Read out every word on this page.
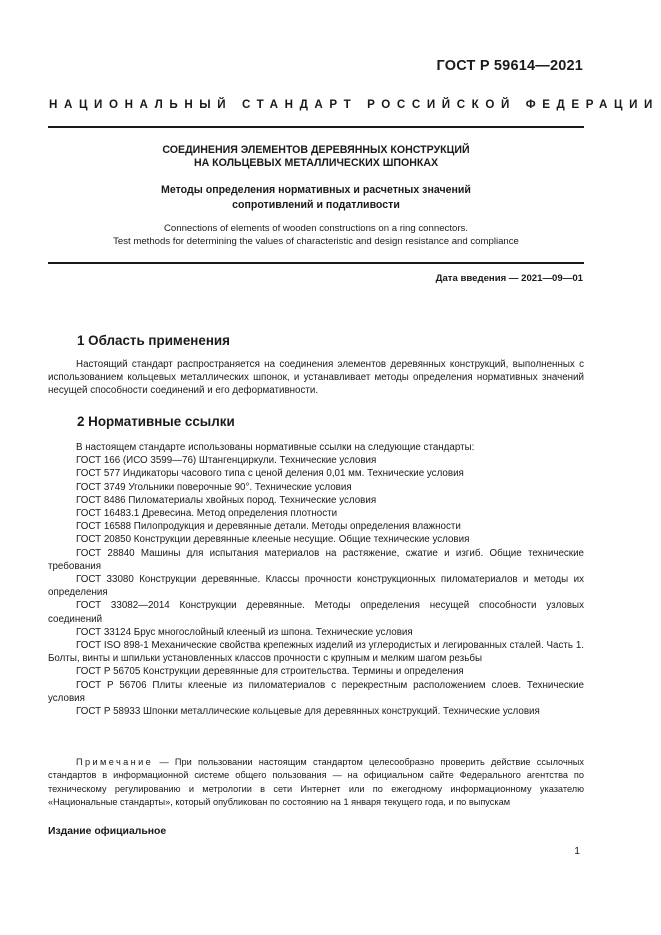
ГОСТ Р 59614—2021
НАЦИОНАЛЬНЫЙ СТАНДАРТ РОССИЙСКОЙ ФЕДЕРАЦИИ
СОЕДИНЕНИЯ ЭЛЕМЕНТОВ ДЕРЕВЯННЫХ КОНСТРУКЦИЙ
НА КОЛЬЦЕВЫХ МЕТАЛЛИЧЕСКИХ ШПОНКАХ
Методы определения нормативных и расчетных значений
сопротивлений и податливости
Connections of elements of wooden constructions on a ring connectors.
Test methods for determining the values of characteristic and design resistance and compliance
Дата введения — 2021—09—01
1 Область применения
Настоящий стандарт распространяется на соединения элементов деревянных конструкций, выполненных с использованием кольцевых металлических шпонок, и устанавливает методы определения нормативных значений несущей способности соединений и его деформативности.
2 Нормативные ссылки
В настоящем стандарте использованы нормативные ссылки на следующие стандарты:
ГОСТ 166 (ИСО 3599—76) Штангенциркули. Технические условия
ГОСТ 577 Индикаторы часового типа с ценой деления 0,01 мм. Технические условия
ГОСТ 3749 Угольники поверочные 90°. Технические условия
ГОСТ 8486 Пиломатериалы хвойных пород. Технические условия
ГОСТ 16483.1 Древесина. Метод определения плотности
ГОСТ 16588 Пилопродукция и деревянные детали. Методы определения влажности
ГОСТ 20850 Конструкции деревянные клееные несущие. Общие технические условия
ГОСТ 28840 Машины для испытания материалов на растяжение, сжатие и изгиб. Общие технические требования
ГОСТ 33080 Конструкции деревянные. Классы прочности конструкционных пиломатериалов и методы их определения
ГОСТ 33082—2014 Конструкции деревянные. Методы определения несущей способности узловых соединений
ГОСТ 33124 Брус многослойный клееный из шпона. Технические условия
ГОСТ ISO 898-1 Механические свойства крепежных изделий из углеродистых и легированных сталей. Часть 1. Болты, винты и шпильки установленных классов прочности с крупным и мелким шагом резьбы
ГОСТ Р 56705 Конструкции деревянные для строительства. Термины и определения
ГОСТ Р 56706 Плиты клееные из пиломатериалов с перекрестным расположением слоев. Технические условия
ГОСТ Р 58933 Шпонки металлические кольцевые для деревянных конструкций. Технические условия
Примечание — При пользовании настоящим стандартом целесообразно проверить действие ссылочных стандартов в информационной системе общего пользования — на официальном сайте Федерального агентства по техническому регулированию и метрологии в сети Интернет или по ежегодному информационному указателю «Национальные стандарты», который опубликован по состоянию на 1 января текущего года, и по выпускам
Издание официальное
1
